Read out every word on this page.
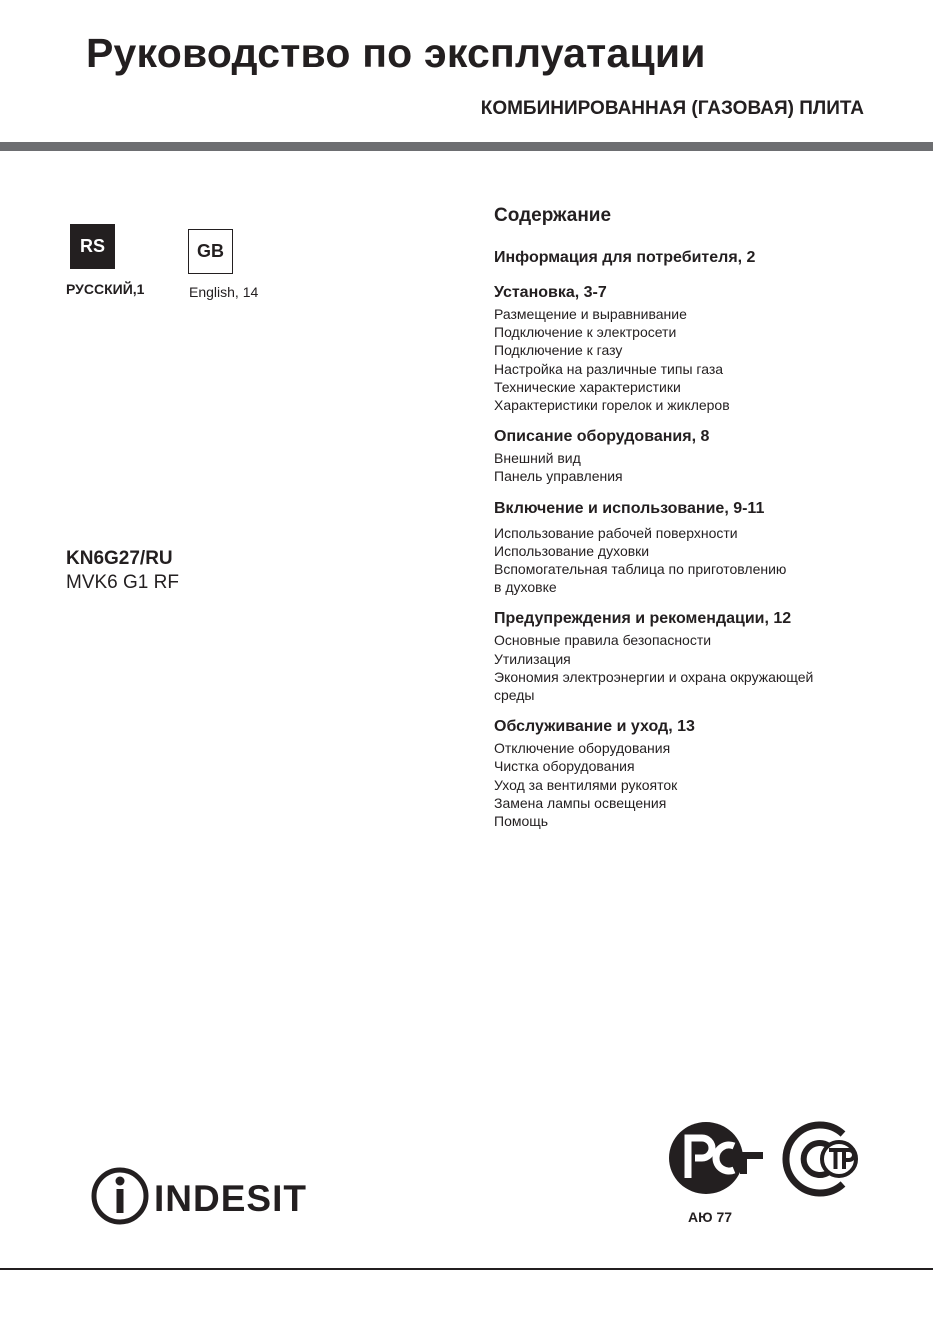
Руководство по эксплуатации
КОМБИНИРОВАННАЯ (ГАЗОВАЯ) ПЛИТА
RS
РУССКИЙ,1
GB
English, 14
KN6G27/RU
MVK6 G1 RF
Содержание
Информация для потребителя, 2
Установка, 3-7
Размещение и выравнивание
Подключение к электросети
Подключение к газу
Настройка на различные типы газа
Технические характеристики
Характеристики горелок и жиклеров
Описание оборудования, 8
Внешний вид
Панель управления
Включение и использование, 9-11
Использование рабочей поверхности
Использование духовки
Вспомогательная таблица по приготовлению
в духовке
Предупреждения и рекомендации, 12
Основные правила безопасности
Утилизация
Экономия электроэнергии и охрана окружающей
среды
Обслуживание и уход, 13
Отключение оборудования
Чистка оборудования
Уход за вентилями рукояток
Замена лампы освещения
Помощь
INDESIT	АЮ 77
